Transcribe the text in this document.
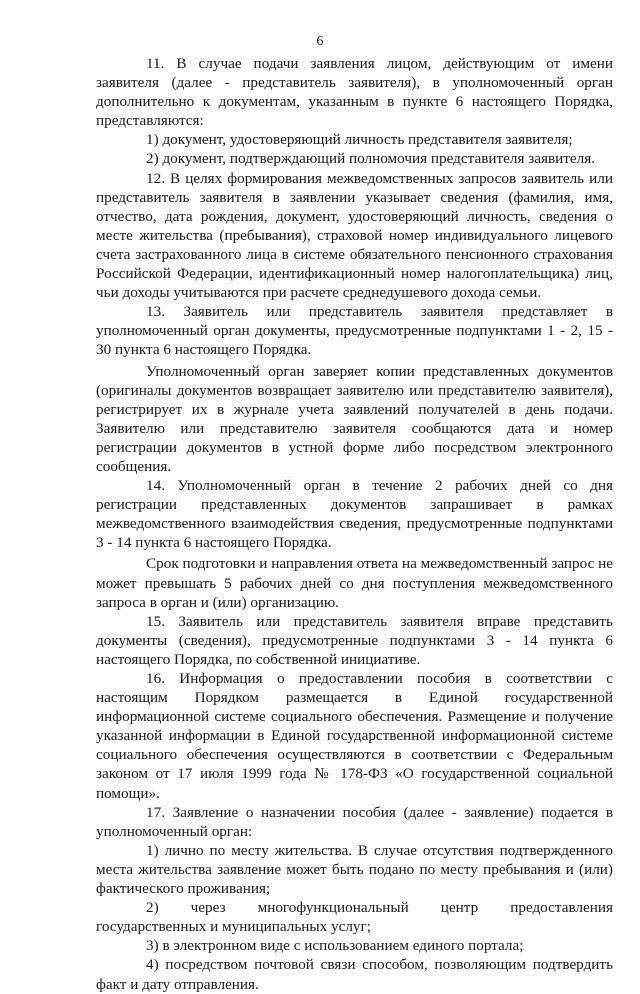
6

11. В случае подачи заявления лицом, действующим от имени заявителя (далее - представитель заявителя), в уполномоченный орган дополнительно к документам, указанным в пункте 6 настоящего Порядка, представляются:

1) документ, удостоверяющий личность представителя заявителя;

2) документ, подтверждающий полномочия представителя заявителя.

12. В целях формирования межведомственных запросов заявитель или представитель заявителя в заявлении указывает сведения (фамилия, имя, отчество, дата рождения, документ, удостоверяющий личность, сведения о месте жительства (пребывания), страховой номер индивидуального лицевого счета застрахованного лица в системе обязательного пенсионного страхования Российской Федерации, идентификационный номер налогоплательщика) лиц, чьи доходы учитываются при расчете среднедушевого дохода семьи.

13. Заявитель или представитель заявителя представляет в уполномоченный орган документы, предусмотренные подпунктами 1 - 2, 15 - 30 пункта 6 настоящего Порядка.

Уполномоченный орган заверяет копии представленных документов (оригиналы документов возвращает заявителю или представителю заявителя), регистрирует их в журнале учета заявлений получателей в день подачи. Заявителю или представителю заявителя сообщаются дата и номер регистрации документов в устной форме либо посредством электронного сообщения.

14. Уполномоченный орган в течение 2 рабочих дней со дня регистрации представленных документов запрашивает в рамках межведомственного взаимодействия сведения, предусмотренные подпунктами 3 - 14 пункта 6 настоящего Порядка.

Срок подготовки и направления ответа на межведомственный запрос не может превышать 5 рабочих дней со дня поступления межведомственного запроса в орган и (или) организацию.

15. Заявитель или представитель заявителя вправе представить документы (сведения), предусмотренные подпунктами 3 - 14 пункта 6 настоящего Порядка, по собственной инициативе.

16. Информация о предоставлении пособия в соответствии с настоящим Порядком размещается в Единой государственной информационной системе социального обеспечения. Размещение и получение указанной информации в Единой государственной информационной системе социального обеспечения осуществляются в соответствии с Федеральным законом от 17 июля 1999 года № 178-ФЗ «О государственной социальной помощи».

17. Заявление о назначении пособия (далее - заявление) подается в уполномоченный орган:

1) лично по месту жительства. В случае отсутствия подтвержденного места жительства заявление может быть подано по месту пребывания и (или) фактического проживания;

2) через многофункциональный центр предоставления государственных и муниципальных услуг;

3) в электронном виде с использованием единого портала;

4) посредством почтовой связи способом, позволяющим подтвердить факт и дату отправления.
